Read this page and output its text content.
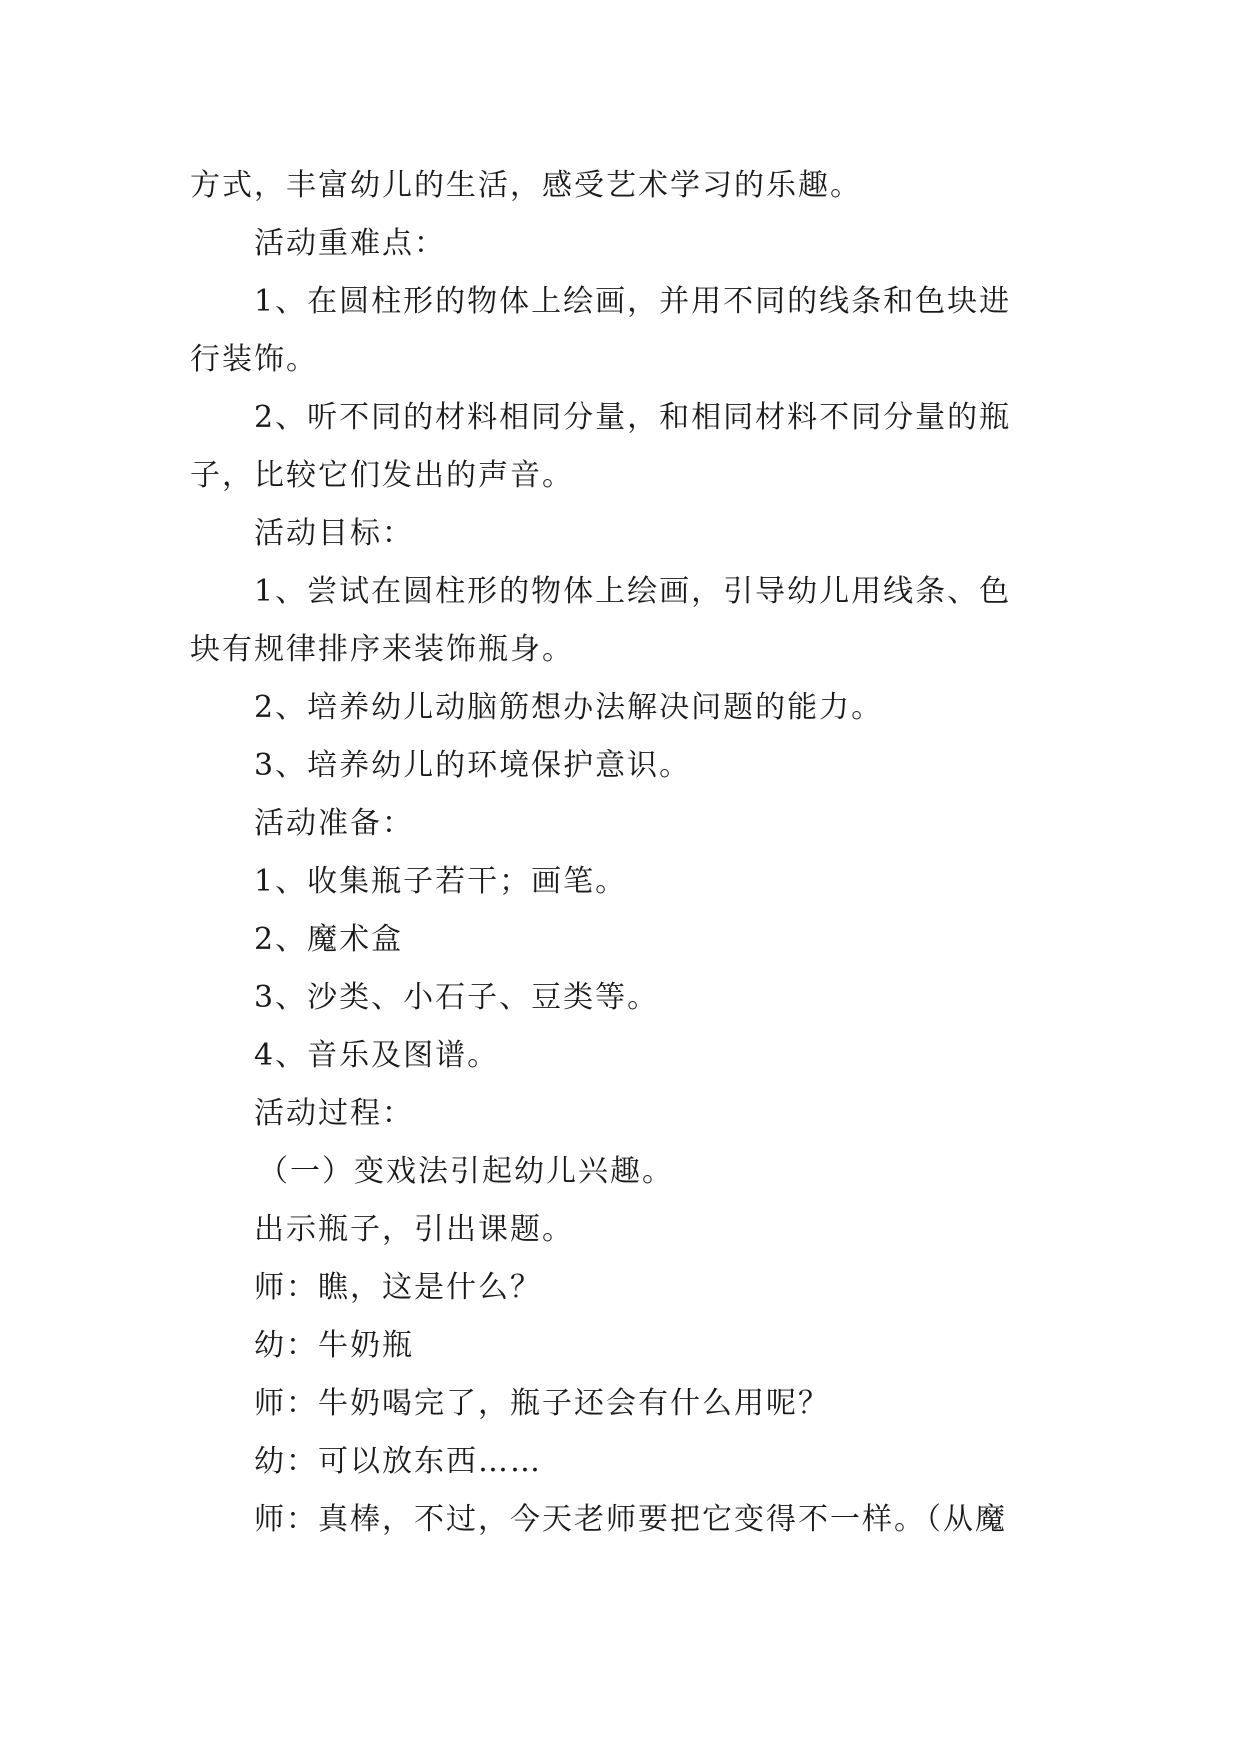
方式，丰富幼儿的生活，感受艺术学习的乐趣。
活动重难点：
1、在圆柱形的物体上绘画，并用不同的线条和色块进
行装饰。
2、听不同的材料相同分量，和相同材料不同分量的瓶
子，比较它们发出的声音。
活动目标：
1、尝试在圆柱形的物体上绘画，引导幼儿用线条、色
块有规律排序来装饰瓶身。
2、培养幼儿动脑筋想办法解决问题的能力。
3、培养幼儿的环境保护意识。
活动准备：
1、收集瓶子若干；画笔。
2、魔术盒
3、沙类、小石子、豆类等。
4、音乐及图谱。
活动过程：
（一）变戏法引起幼儿兴趣。
出示瓶子，引出课题。
师：瞧，这是什么？
幼：牛奶瓶
师：牛奶喝完了，瓶子还会有什么用呢？
幼：可以放东西……
师：真棒，不过，今天老师要把它变得不一样。（从魔
